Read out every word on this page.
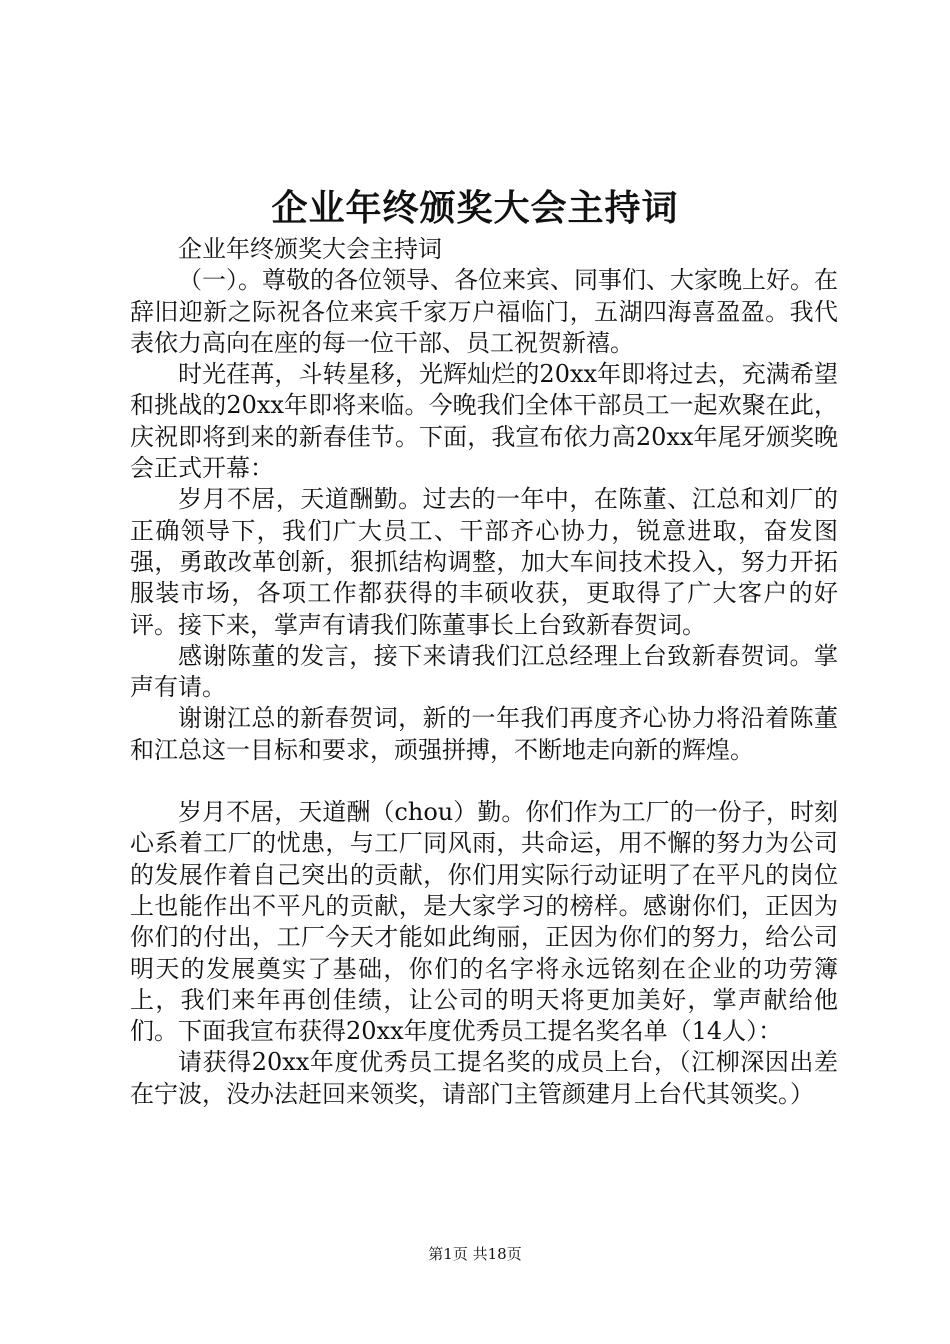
企业年终颁奖大会主持词

企业年终颁奖大会主持词

（一）。尊敬的各位领导、各位来宾、同事们、大家晚上好。在辞旧迎新之际祝各位来宾千家万户福临门，五湖四海喜盈盈。我代表依力高向在座的每一位干部、员工祝贺新禧。

时光荏苒，斗转星移，光辉灿烂的20xx年即将过去，充满希望和挑战的20xx年即将来临。今晚我们全体干部员工一起欢聚在此，庆祝即将到来的新春佳节。下面，我宣布依力高20xx年尾牙颁奖晚会正式开幕：

岁月不居，天道酬勤。过去的一年中，在陈董、江总和刘厂的正确领导下，我们广大员工、干部齐心协力，锐意进取，奋发图强，勇敢改革创新，狠抓结构调整，加大车间技术投入，努力开拓服装市场，各项工作都获得的丰硕收获，更取得了广大客户的好评。接下来，掌声有请我们陈董事长上台致新春贺词。

感谢陈董的发言，接下来请我们江总经理上台致新春贺词。掌声有请。

谢谢江总的新春贺词，新的一年我们再度齐心协力将沿着陈董和江总这一目标和要求，顽强拼搏，不断地走向新的辉煌。

岁月不居，天道酬（chou）勤。你们作为工厂的一份子，时刻心系着工厂的忧患，与工厂同风雨，共命运，用不懈的努力为公司的发展作着自己突出的贡献，你们用实际行动证明了在平凡的岗位上也能作出不平凡的贡献，是大家学习的榜样。感谢你们，正因为你们的付出，工厂今天才能如此绚丽，正因为你们的努力，给公司明天的发展奠实了基础，你们的名字将永远铭刻在企业的功劳簿上，我们来年再创佳绩，让公司的明天将更加美好，掌声献给他们。下面我宣布获得20xx年度优秀员工提名奖名单（14人）：

请获得20xx年度优秀员工提名奖的成员上台，（江柳深因出差在宁波，没办法赶回来领奖，请部门主管颜建月上台代其领奖。）

第1页 共18页
